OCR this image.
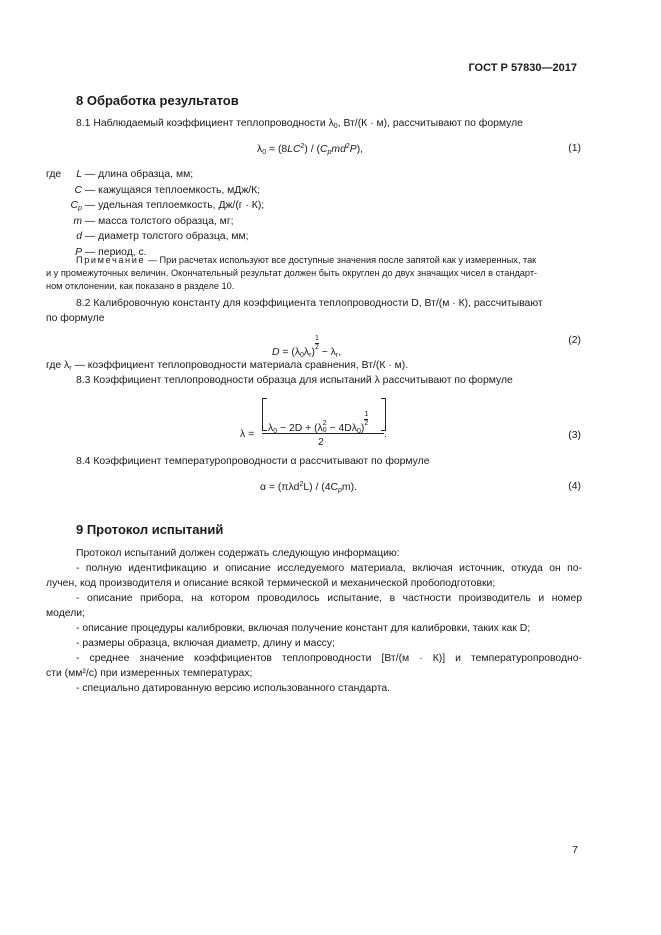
ГОСТ Р 57830—2017
8 Обработка результатов
8.1 Наблюдаемый коэффициент теплопроводности $\lambda_0$, Вт/(К · м), рассчитывают по формуле
$\lambda_0 = (8LC^2) / (C_pmd^2P)$,	(1)
где	L — длина образца, мм;
C — кажущаяся теплоемкость, мДж/К;
$C_p$ — удельная теплоемкость, Дж/(г · К);
m — масса толстого образца, мг;
d — диаметр толстого образца, мм;
P — период, с.
Примечание — При расчетах используют все доступные значения после запятой как у измеренных, так
и у промежуточных величин. Окончательный результат должен быть округлен до двух значащих чисел в стандарт-
ном отклонении, как показано в разделе 10.
8.2 Калибровочную константу для коэффициента теплопроводности D, Вт/(м · К), рассчитывают
по формуле
$D = (\lambda_0\lambda_r)$
$\frac{1}{2}$
− $\lambda_r$,
(2)
где $\lambda_r$ — коэффициент теплопроводности материала сравнения, Вт/(К · м).
8.3 Коэффициент теплопроводности образца для испытаний λ рассчитывают по формуле
λ =
$\lambda_0 - 2D + (\lambda$ 2
$0 - 4D\lambda_0$)
$\frac{1}{2}$
2
.	(3)
8.4 Коэффициент температуропроводности α рассчитывают по формуле
$\alpha = (\pi\lambda d^2L) / (4C_pm)$.	(4)
9 Протокол испытаний
Протокол испытаний должен содержать следующую информацию:
- полную идентификацию и описание исследуемого материала, включая источник, откуда он по-
лучен, код производителя и описание всякой термической и механической пробоподготовки;
- описание прибора, на котором проводилось испытание, в частности производитель и номер
модели;
- описание процедуры калибровки, включая получение констант для калибровки, таких как D;
- размеры образца, включая диаметр, длину и массу;
- среднее значение коэффициентов теплопроводности [Вт/(м · К)] и температуропроводно-
сти (мм²/с) при измеренных температурах;
- специально датированную версию использованного стандарта.
7
